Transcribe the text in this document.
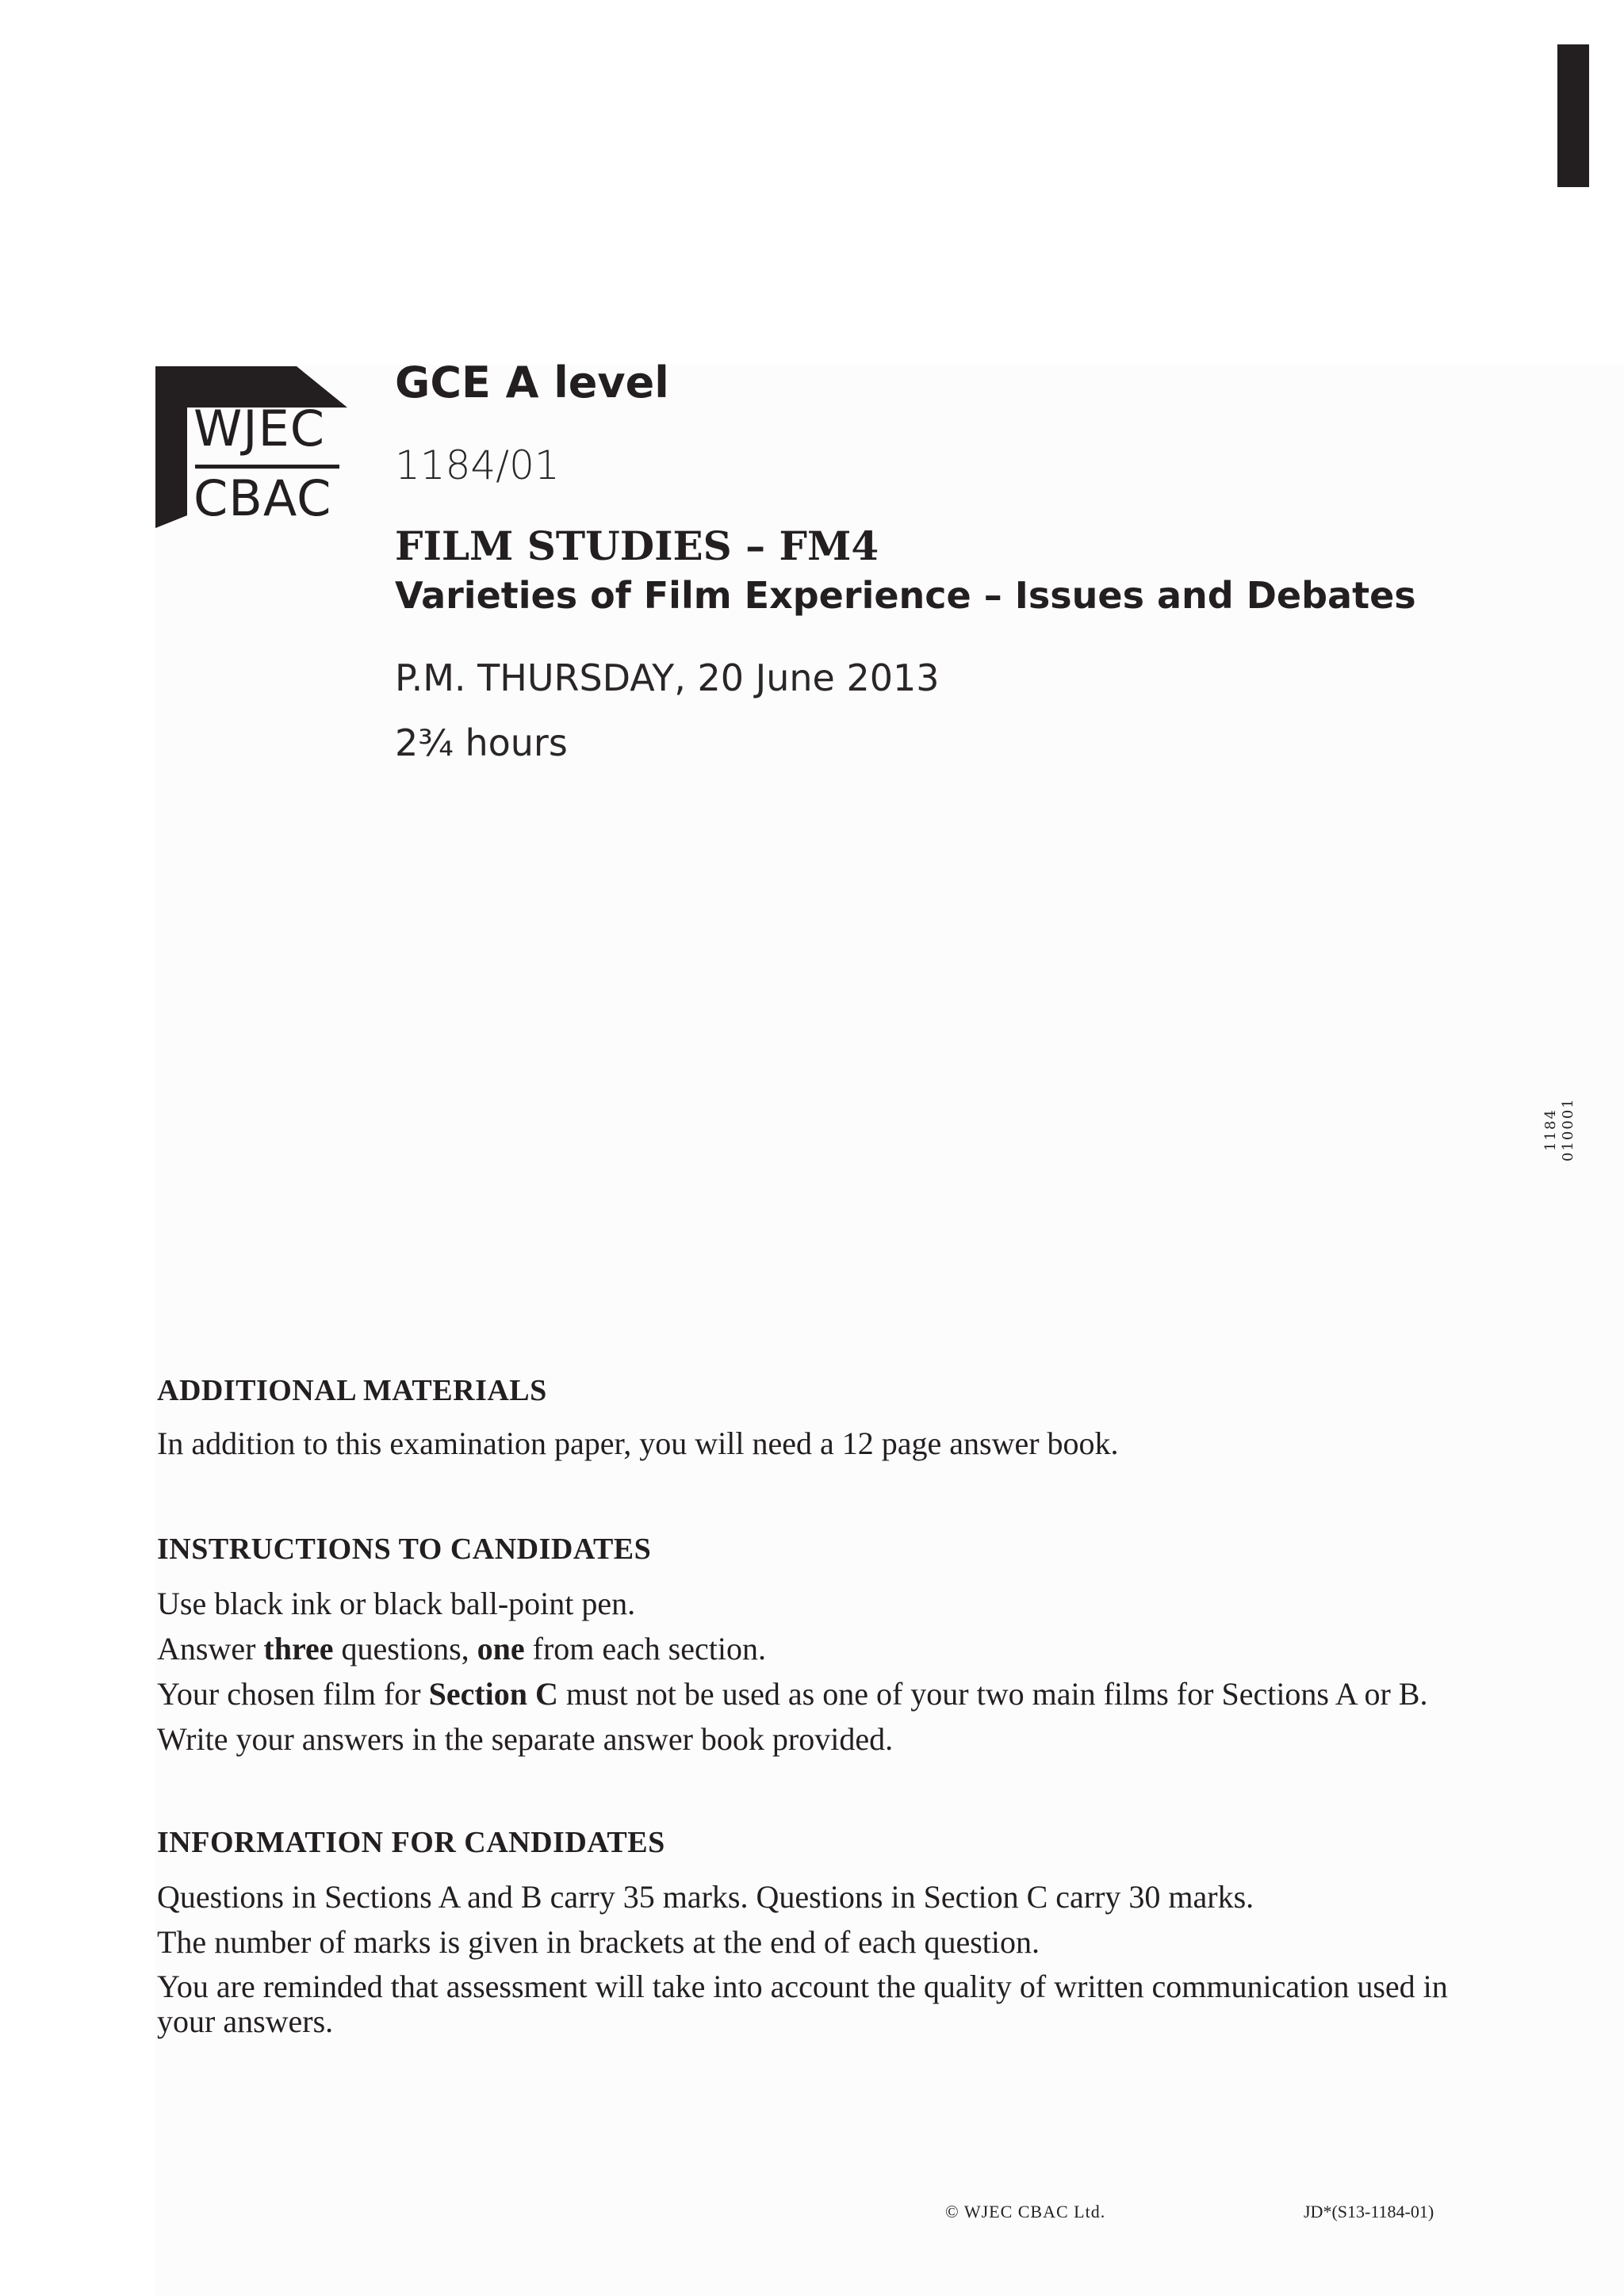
WJEC
CBAC
GCE A level
1184/01
FILM STUDIES – FM4
Varieties of Film Experience – Issues and Debates
P.M. THURSDAY, 20 June 2013
2¾ hours
1184 010001
ADDITIONAL MATERIALS
In addition to this examination paper, you will need a 12 page answer book.
INSTRUCTIONS TO CANDIDATES
Use black ink or black ball-point pen.
Answer three questions, one from each section.
Your chosen film for Section C must not be used as one of your two main films for Sections A or B.
Write your answers in the separate answer book provided.
INFORMATION FOR CANDIDATES
Questions in Sections A and B carry 35 marks. Questions in Section C carry 30 marks.
The number of marks is given in brackets at the end of each question.
You are reminded that assessment will take into account the quality of written communication used in your answers.
© WJEC CBAC Ltd.	JD*(S13-1184-01)
